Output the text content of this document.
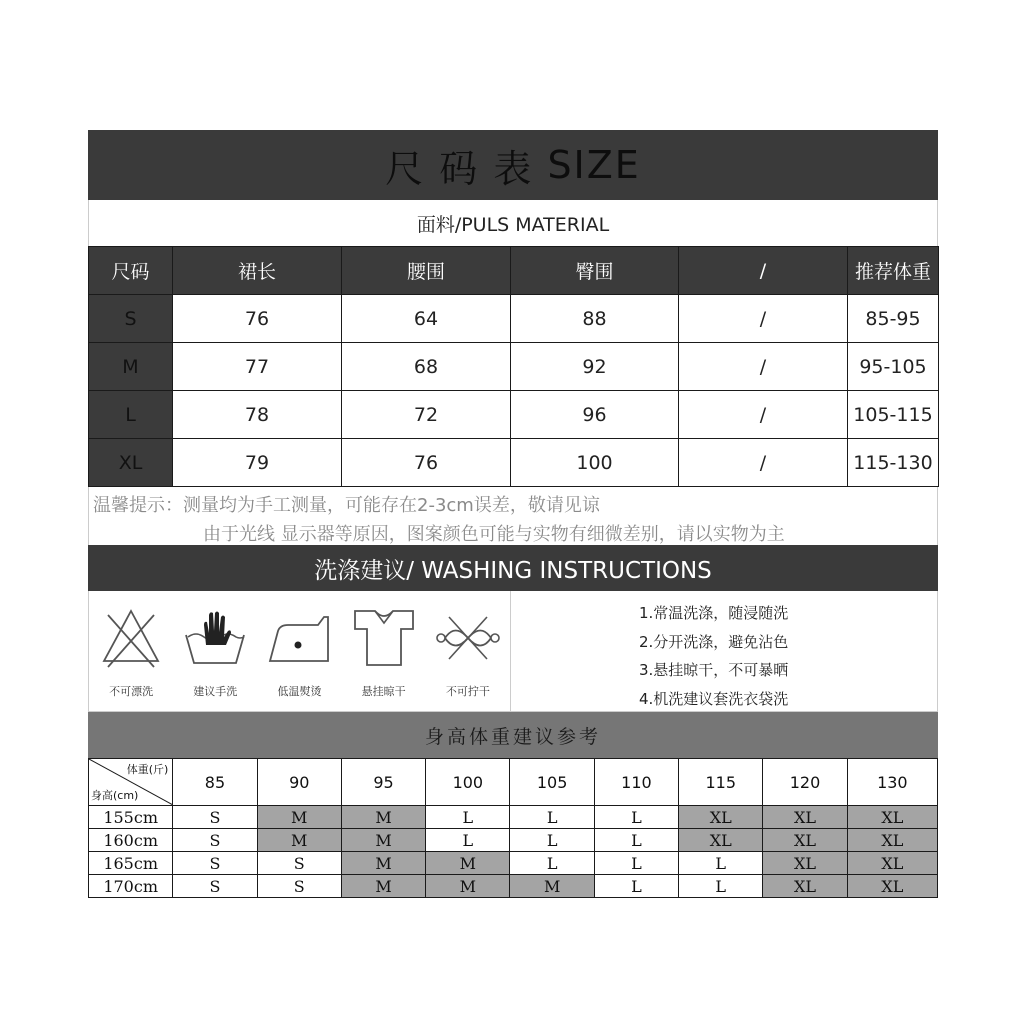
尺 码 表
SIZE
面料/PULS MATERIAL
尺码	裙长	腰围	臀围	/	推荐体重
S	76	64	88	/	85-95
M	77	68	92	/	95-105
L	78	72	96	/	105-115
XL	79	76	100	/	115-130
温馨提示：测量均为手工测量，可能存在2-3cm误差，敬请见谅
由于光线 显示器等原因，图案颜色可能与实物有细微差别，请以实物为主
洗涤建议/ WASHING INSTRUCTIONS
不可漂洗	建议手洗	低温熨烫	悬挂晾干	不可拧干
1.常温洗涤，随浸随洗
2.分开洗涤，避免沾色
3.悬挂晾干，不可暴晒
4.机洗建议套洗衣袋洗
身高体重建议参考
体重(斤)
身高(cm)	85	90	95	100	105	110	115	120	130
155cm	S	M	M	L	L	L	XL	XL	XL
160cm	S	M	M	L	L	L	XL	XL	XL
165cm	S	S	M	M	L	L	L	XL	XL
170cm	S	S	M	M	M	L	L	XL	XL
